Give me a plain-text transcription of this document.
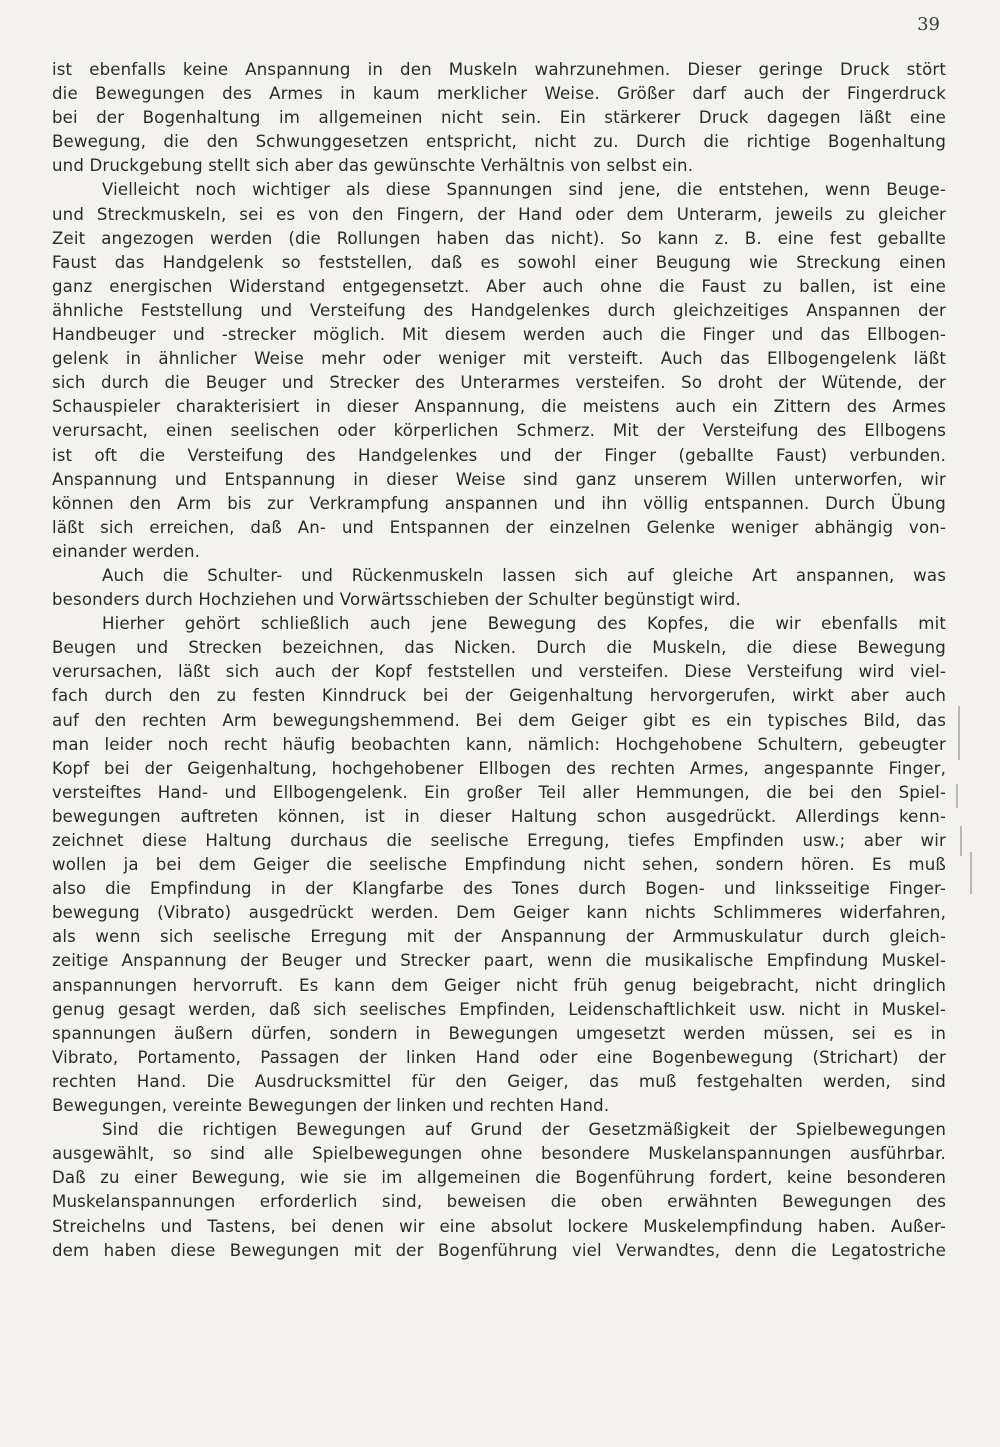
39

ist ebenfalls keine Anspannung in den Muskeln wahrzunehmen. Dieser geringe Druck stört
die Bewegungen des Armes in kaum merklicher Weise. Größer darf auch der Fingerdruck
bei der Bogenhaltung im allgemeinen nicht sein. Ein stärkerer Druck dagegen läßt eine
Bewegung, die den Schwunggesetzen entspricht, nicht zu. Durch die richtige Bogenhaltung
und Druckgebung stellt sich aber das gewünschte Verhältnis von selbst ein.

Vielleicht noch wichtiger als diese Spannungen sind jene, die entstehen, wenn Beuge-
und Streckmuskeln, sei es von den Fingern, der Hand oder dem Unterarm, jeweils zu gleicher
Zeit angezogen werden (die Rollungen haben das nicht). So kann z. B. eine fest geballte
Faust das Handgelenk so feststellen, daß es sowohl einer Beugung wie Streckung einen
ganz energischen Widerstand entgegensetzt. Aber auch ohne die Faust zu ballen, ist eine
ähnliche Feststellung und Versteifung des Handgelenkes durch gleichzeitiges Anspannen der
Handbeuger und -strecker möglich. Mit diesem werden auch die Finger und das Ellbogen-
gelenk in ähnlicher Weise mehr oder weniger mit versteift. Auch das Ellbogengelenk läßt
sich durch die Beuger und Strecker des Unterarmes versteifen. So droht der Wütende, der
Schauspieler charakterisiert in dieser Anspannung, die meistens auch ein Zittern des Armes
verursacht, einen seelischen oder körperlichen Schmerz. Mit der Versteifung des Ellbogens
ist oft die Versteifung des Handgelenkes und der Finger (geballte Faust) verbunden.
Anspannung und Entspannung in dieser Weise sind ganz unserem Willen unterworfen, wir
können den Arm bis zur Verkrampfung anspannen und ihn völlig entspannen. Durch Übung
läßt sich erreichen, daß An- und Entspannen der einzelnen Gelenke weniger abhängig von-
einander werden.

Auch die Schulter- und Rückenmuskeln lassen sich auf gleiche Art anspannen, was
besonders durch Hochziehen und Vorwärtsschieben der Schulter begünstigt wird.

Hierher gehört schließlich auch jene Bewegung des Kopfes, die wir ebenfalls mit
Beugen und Strecken bezeichnen, das Nicken. Durch die Muskeln, die diese Bewegung
verursachen, läßt sich auch der Kopf feststellen und versteifen. Diese Versteifung wird viel-
fach durch den zu festen Kinndruck bei der Geigenhaltung hervorgerufen, wirkt aber auch
auf den rechten Arm bewegungshemmend. Bei dem Geiger gibt es ein typisches Bild, das
man leider noch recht häufig beobachten kann, nämlich: Hochgehobene Schultern, gebeugter
Kopf bei der Geigenhaltung, hochgehobener Ellbogen des rechten Armes, angespannte Finger,
versteiftes Hand- und Ellbogengelenk. Ein großer Teil aller Hemmungen, die bei den Spiel-
bewegungen auftreten können, ist in dieser Haltung schon ausgedrückt. Allerdings kenn-
zeichnet diese Haltung durchaus die seelische Erregung, tiefes Empfinden usw.; aber wir
wollen ja bei dem Geiger die seelische Empfindung nicht sehen, sondern hören. Es muß
also die Empfindung in der Klangfarbe des Tones durch Bogen- und linksseitige Finger-
bewegung (Vibrato) ausgedrückt werden. Dem Geiger kann nichts Schlimmeres widerfahren,
als wenn sich seelische Erregung mit der Anspannung der Armmuskulatur durch gleich-
zeitige Anspannung der Beuger und Strecker paart, wenn die musikalische Empfindung Muskel-
anspannungen hervorruft. Es kann dem Geiger nicht früh genug beigebracht, nicht dringlich
genug gesagt werden, daß sich seelisches Empfinden, Leidenschaftlichkeit usw. nicht in Muskel-
spannungen äußern dürfen, sondern in Bewegungen umgesetzt werden müssen, sei es in
Vibrato, Portamento, Passagen der linken Hand oder eine Bogenbewegung (Strichart) der
rechten Hand. Die Ausdrucksmittel für den Geiger, das muß festgehalten werden, sind
Bewegungen, vereinte Bewegungen der linken und rechten Hand.

Sind die richtigen Bewegungen auf Grund der Gesetzmäßigkeit der Spielbewegungen
ausgewählt, so sind alle Spielbewegungen ohne besondere Muskelanspannungen ausführbar.
Daß zu einer Bewegung, wie sie im allgemeinen die Bogenführung fordert, keine besonderen
Muskelanspannungen erforderlich sind, beweisen die oben erwähnten Bewegungen des
Streichelns und Tastens, bei denen wir eine absolut lockere Muskelempfindung haben. Außer-
dem haben diese Bewegungen mit der Bogenführung viel Verwandtes, denn die Legatostriche
